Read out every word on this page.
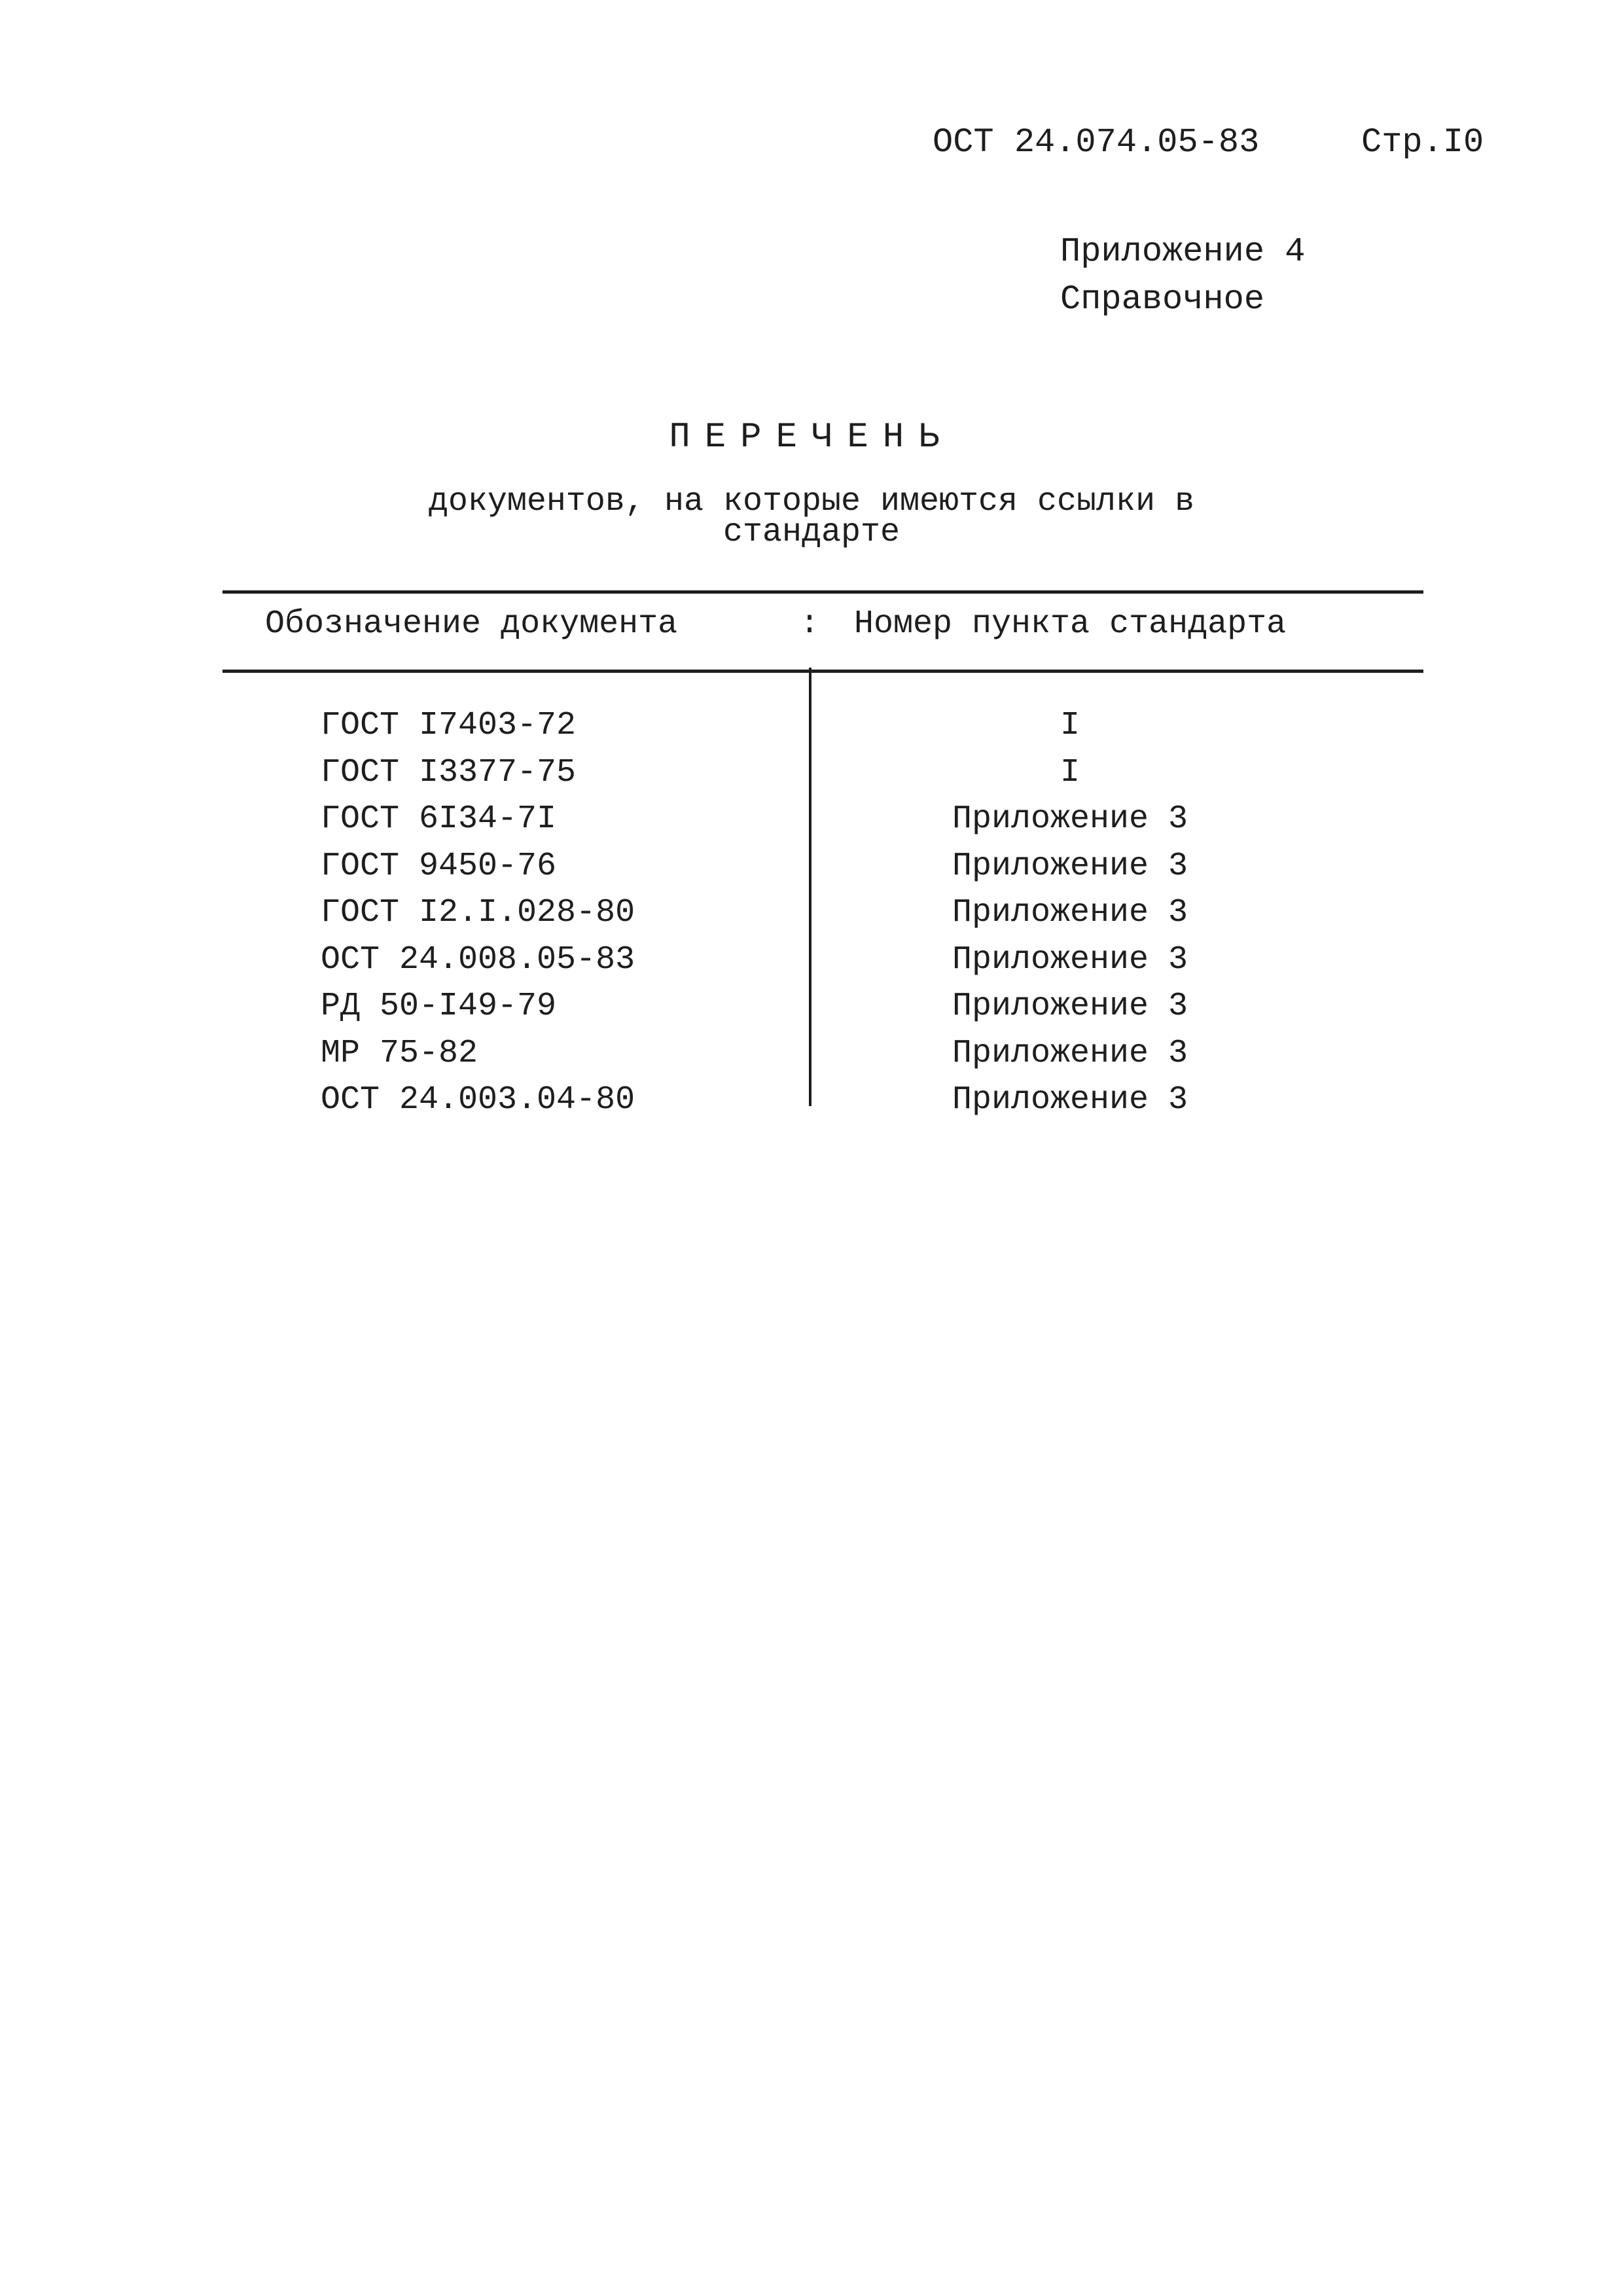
ОСТ 24.074.05-83	Стр.I0
Приложение 4
Справочное
ПЕРЕЧЕНЬ
документов, на которые имеются ссылки в
стандарте
Обозначение документа	: Номер пункта стандарта
ГОСТ I7403-72	I
ГОСТ I3377-75	I
ГОСТ 6I34-7I	Приложение 3
ГОСТ 9450-76	Приложение 3
ГОСТ I2.I.028-80	Приложение 3
ОСТ 24.008.05-83	Приложение 3
РД 50-I49-79	Приложение 3
МР 75-82	Приложение 3
ОСТ 24.003.04-80	Приложение 3
